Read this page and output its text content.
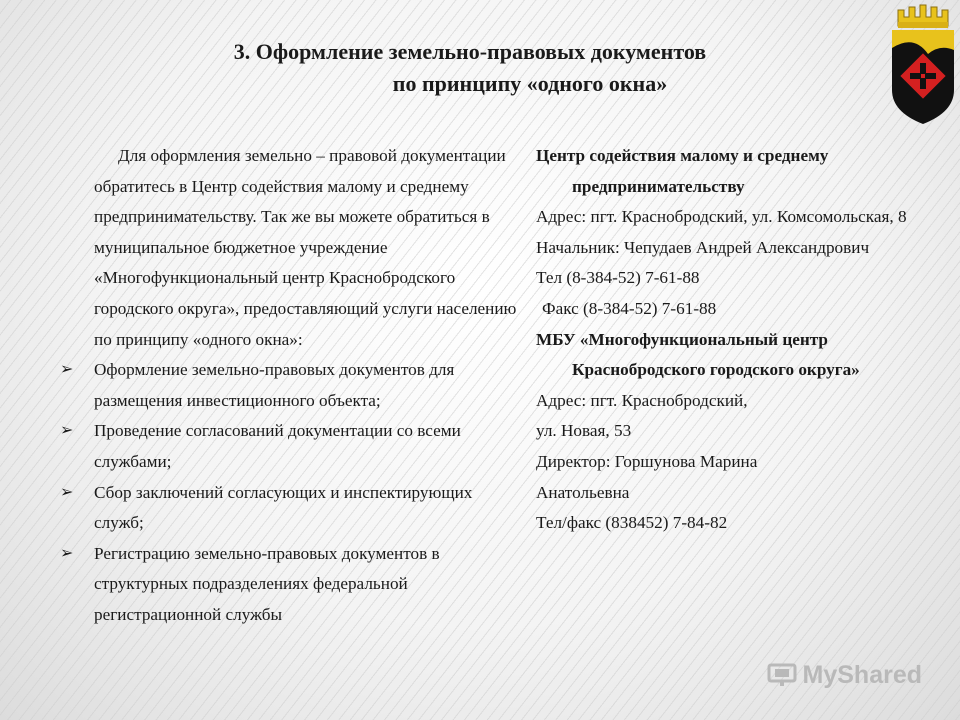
3. Оформление земельно-правовых документов
по принципу «одного окна»

Для оформления земельно – правовой документации обратитесь в Центр содействия малому и среднему предпринимательству. Так же вы можете обратиться в муниципальное бюджетное учреждение «Многофункциональный центр Краснобродского городского округа», предоставляющий услуги населению по принципу «одного окна»:

➢	Оформление земельно-правовых документов для размещения инвестиционного объекта;
➢	Проведение согласований документации со всеми службами;
➢	Сбор заключений согласующих и инспектирующих служб;
➢	Регистрацию земельно-правовых документов в структурных подразделениях федеральной регистрационной службы

Центр содействия малому и среднему предпринимательству

Адрес: пгт. Краснобродский, ул. Комсомольская, 8

Начальник: Чепудаев Андрей Александрович

Тел (8-384-52) 7-61-88

Факс (8-384-52) 7-61-88

МБУ «Многофункциональный центр Краснобродского городского округа»

Адрес: пгт. Краснобродский,

ул. Новая, 53

Директор: Горшунова Марина

Анатольевна

Тел/факс (838452) 7-84-82

MyShared
